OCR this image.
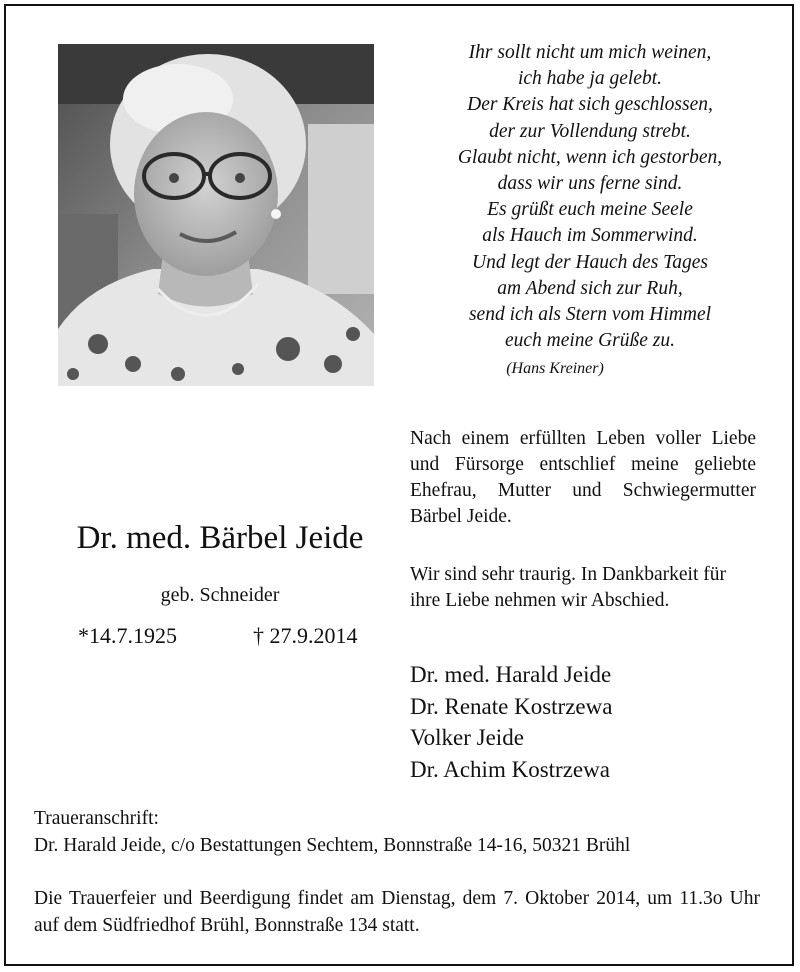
Ihr sollt nicht um mich weinen,
ich habe ja gelebt.
Der Kreis hat sich geschlossen,
der zur Vollendung strebt.
Glaubt nicht, wenn ich gestorben,
dass wir uns ferne sind.
Es grüßt euch meine Seele
als Hauch im Sommerwind.
Und legt der Hauch des Tages
am Abend sich zur Ruh,
send ich als Stern vom Himmel
euch meine Grüße zu.
(Hans Kreiner)

Nach einem erfüllten Leben voller Liebe und Fürsorge entschlief meine geliebte Ehefrau, Mutter und Schwiegermutter Bärbel Jeide.

Wir sind sehr traurig. In Dankbarkeit für ihre Liebe nehmen wir Abschied.

Dr. med. Bärbel Jeide
geb. Schneider
*14.7.1925	† 27.9.2014
Dr. med. Harald Jeide
Dr. Renate Kostrzewa
Volker Jeide
Dr. Achim Kostrzewa
Traueranschrift:
Dr. Harald Jeide, c/o Bestattungen Sechtem, Bonnstraße 14-16, 50321 Brühl
Die Trauerfeier und Beerdigung findet am Dienstag, dem 7. Oktober 2014, um 11.3o Uhr auf dem Südfriedhof Brühl, Bonnstraße 134 statt.
